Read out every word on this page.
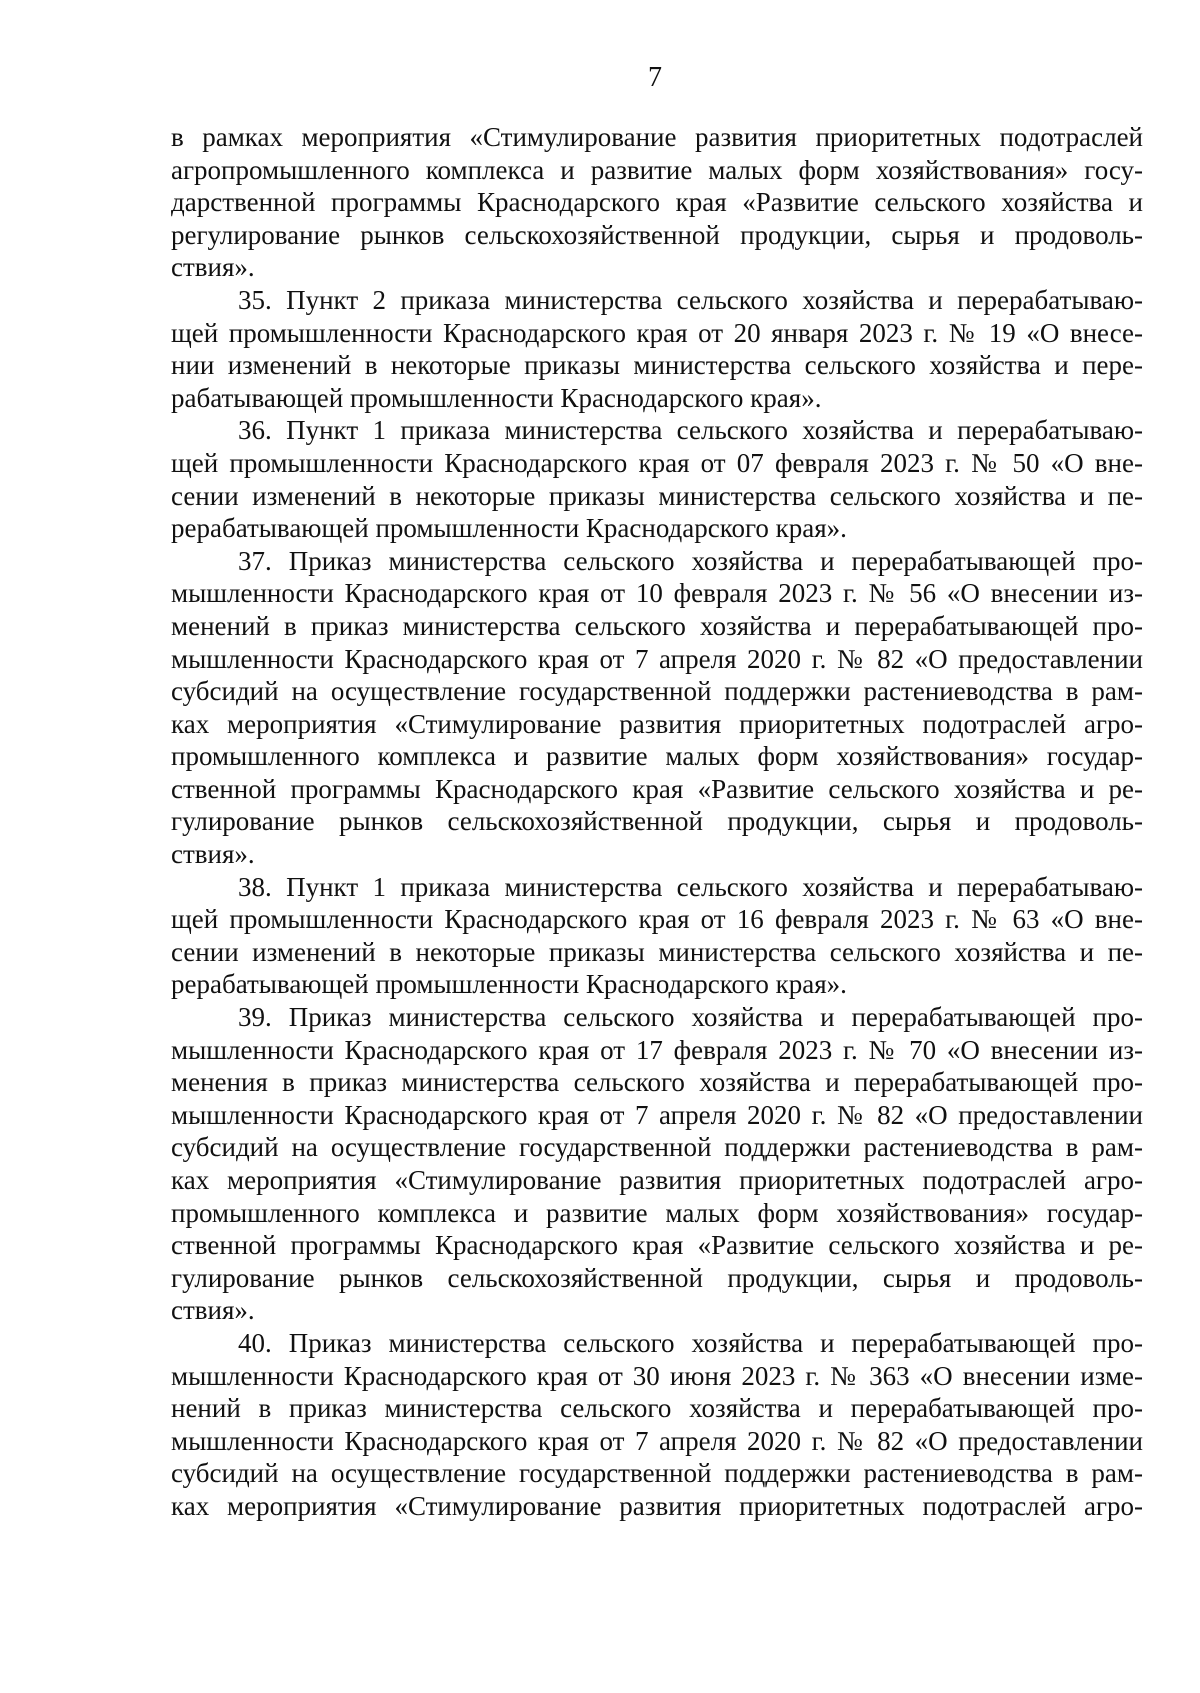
7
в рамках мероприятия «Стимулирование развития приоритетных подотраслей
агропромышленного комплекса и развитие малых форм хозяйствования» госу-
дарственной программы Краснодарского края «Развитие сельского хозяйства и
регулирование рынков сельскохозяйственной продукции, сырья и продоволь-
ствия».
35. Пункт 2 приказа министерства сельского хозяйства и перерабатываю-
щей промышленности Краснодарского края от 20 января 2023 г. № 19 «О внесе-
нии изменений в некоторые приказы министерства сельского хозяйства и пере-
рабатывающей промышленности Краснодарского края».
36. Пункт 1 приказа министерства сельского хозяйства и перерабатываю-
щей промышленности Краснодарского края от 07 февраля 2023 г. № 50 «О вне-
сении изменений в некоторые приказы министерства сельского хозяйства и пе-
рерабатывающей промышленности Краснодарского края».
37. Приказ министерства сельского хозяйства и перерабатывающей про-
мышленности Краснодарского края от 10 февраля 2023 г. № 56 «О внесении из-
менений в приказ министерства сельского хозяйства и перерабатывающей про-
мышленности Краснодарского края от 7 апреля 2020 г. № 82 «О предоставлении
субсидий на осуществление государственной поддержки растениеводства в рам-
ках мероприятия «Стимулирование развития приоритетных подотраслей агро-
промышленного комплекса и развитие малых форм хозяйствования» государ-
ственной программы Краснодарского края «Развитие сельского хозяйства и ре-
гулирование рынков сельскохозяйственной продукции, сырья и продоволь-
ствия».
38. Пункт 1 приказа министерства сельского хозяйства и перерабатываю-
щей промышленности Краснодарского края от 16 февраля 2023 г. № 63 «О вне-
сении изменений в некоторые приказы министерства сельского хозяйства и пе-
рерабатывающей промышленности Краснодарского края».
39. Приказ министерства сельского хозяйства и перерабатывающей про-
мышленности Краснодарского края от 17 февраля 2023 г. № 70 «О внесении из-
менения в приказ министерства сельского хозяйства и перерабатывающей про-
мышленности Краснодарского края от 7 апреля 2020 г. № 82 «О предоставлении
субсидий на осуществление государственной поддержки растениеводства в рам-
ках мероприятия «Стимулирование развития приоритетных подотраслей агро-
промышленного комплекса и развитие малых форм хозяйствования» государ-
ственной программы Краснодарского края «Развитие сельского хозяйства и ре-
гулирование рынков сельскохозяйственной продукции, сырья и продоволь-
ствия».
40. Приказ министерства сельского хозяйства и перерабатывающей про-
мышленности Краснодарского края от 30 июня 2023 г. № 363 «О внесении изме-
нений в приказ министерства сельского хозяйства и перерабатывающей про-
мышленности Краснодарского края от 7 апреля 2020 г. № 82 «О предоставлении
субсидий на осуществление государственной поддержки растениеводства в рам-
ках мероприятия «Стимулирование развития приоритетных подотраслей агро-
